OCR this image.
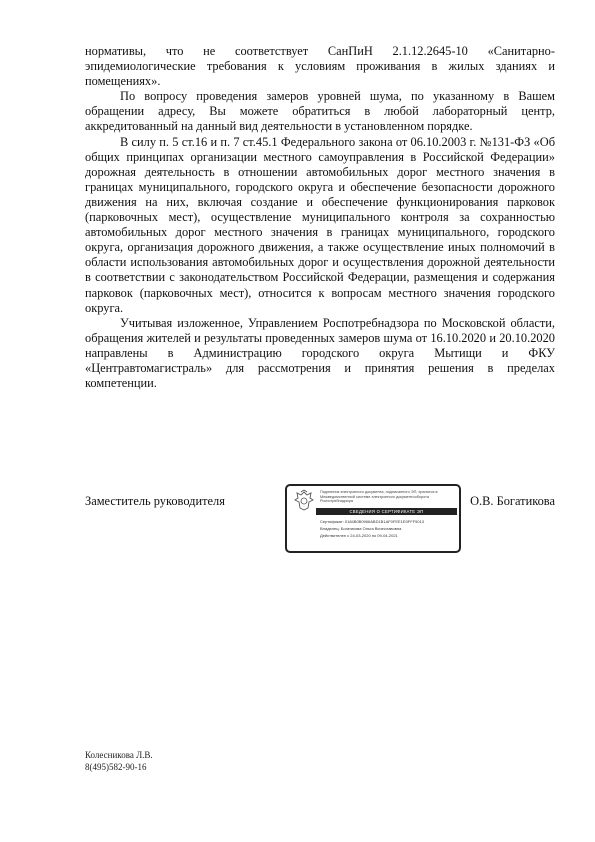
нормативы, что не соответствует СанПиН 2.1.12.2645-10 «Санитарно-эпидемиологические требования к условиям проживания в жилых зданиях и помещениях».

По вопросу проведения замеров уровней шума, по указанному в Вашем обращении адресу, Вы можете обратиться в любой лабораторный центр, аккредитованный на данный вид деятельности в установленном порядке.

В силу п. 5 ст.16 и п. 7 ст.45.1 Федерального закона от 06.10.2003 г. №131-ФЗ «Об общих принципах организации местного самоуправления в Российской Федерации» дорожная деятельность в отношении автомобильных дорог местного значения в границах муниципального, городского округа и обеспечение безопасности дорожного движения на них, включая создание и обеспечение функционирования парковок (парковочных мест), осуществление муниципального контроля за сохранностью автомобильных дорог местного значения в границах муниципального, городского округа, организация дорожного движения, а также осуществление иных полномочий в области использования автомобильных дорог и осуществления дорожной деятельности в соответствии с законодательством Российской Федерации, размещения и содержания парковок (парковочных мест), относится к вопросам местного значения городского округа.

Учитывая изложенное, Управлением Роспотребнадзора по Московской области, обращения жителей и результаты проведенных замеров шума от 16.10.2020 и 20.10.2020 направлены в Администрацию городского округа Мытищи и ФКУ «Центравтомагистраль» для рассмотрения и принятия решения в пределах компетенции.

Заместитель руководителя
Подлинник электронного документа, подписанного ЭП, хранится в Межведомственной системе электронного документооборота Роспотребнадзора
СВЕДЕНИЯ О СЕРТИФИКАТЕ ЭП
Сертификат: 0184B0B0966ABD1B1AF0FEE1E0FFF5013
Владелец: Богатикова Ольга Вячеславовна
Действителен с 24-03-2020 по 09-04-2021
О.В. Богатикова
Колесникова Л.В.
8(495)582-90-16
